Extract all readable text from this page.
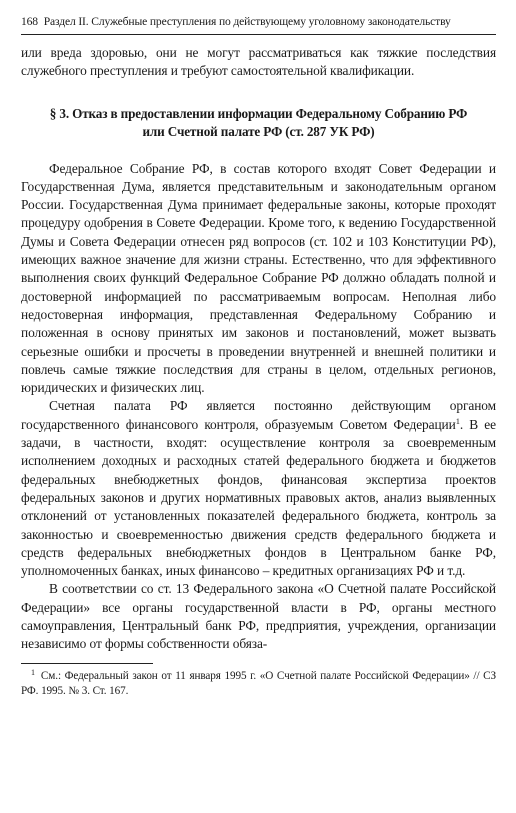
168 Раздел II. Служебные преступления по действующему уголовному законодательству

или вреда здоровью, они не могут рассматриваться как тяжкие последствия служебного преступления и требуют самостоятельной квалификации.

§ 3. Отказ в предоставлении информации Федеральному Собранию РФ
или Счетной палате РФ (ст. 287 УК РФ)

Федеральное Собрание РФ, в состав которого входят Совет Федерации и Государственная Дума, является представительным и законодательным органом России. Государственная Дума принимает федеральные законы, которые проходят процедуру одобрения в Совете Федерации. Кроме того, к ведению Государственной Думы и Совета Федерации отнесен ряд вопросов (ст. 102 и 103 Конституции РФ), имеющих важное значение для жизни страны. Естественно, что для эффективного выполнения своих функций Федеральное Собрание РФ должно обладать полной и достоверной информацией по рассматриваемым вопросам. Неполная либо недостоверная информация, представленная Федеральному Собранию и положенная в основу принятых им законов и постановлений, может вызвать серьезные ошибки и просчеты в проведении внутренней и внешней политики и повлечь самые тяжкие последствия для страны в целом, отдельных регионов, юридических и физических лиц.

Счетная палата РФ является постоянно действующим органом государственного финансового контроля, образуемым Советом Федерации$^1$. В ее задачи, в частности, входят: осуществление контроля за своевременным исполнением доходных и расходных статей федерального бюджета и бюджетов федеральных внебюджетных фондов, финансовая экспертиза проектов федеральных законов и других нормативных правовых актов, анализ выявленных отклонений от установленных показателей федерального бюджета, контроль за законностью и своевременностью движения средств федерального бюджета и средств федеральных внебюджетных фондов в Центральном банке РФ, уполномоченных банках, иных финансово – кредитных организациях РФ и т.д.

В соответствии со ст. 13 Федерального закона «О Счетной палате Российской Федерации» все органы государственной власти в РФ, органы местного самоуправления, Центральный банк РФ, предприятия, учреждения, организации независимо от формы собственности обяза-

$^1$ См.: Федеральный закон от 11 января 1995 г. «О Счетной палате Российской Федерации» // СЗ РФ. 1995. № 3. Ст. 167.
